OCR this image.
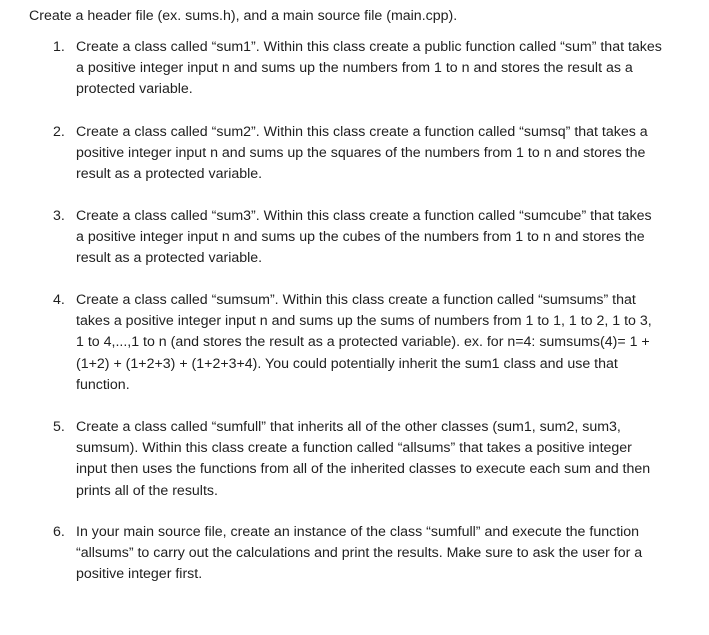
Create a header file (ex. sums.h), and a main source file (main.cpp).
1. Create a class called “sum1”. Within this class create a public function called “sum” that takes a positive integer input n and sums up the numbers from 1 to n and stores the result as a protected variable.
2. Create a class called “sum2”. Within this class create a function called “sumsq” that takes a positive integer input n and sums up the squares of the numbers from 1 to n and stores the result as a protected variable.
3. Create a class called “sum3”. Within this class create a function called “sumcube” that takes a positive integer input n and sums up the cubes of the numbers from 1 to n and stores the result as a protected variable.
4. Create a class called “sumsum”. Within this class create a function called “sumsums” that takes a positive integer input n and sums up the sums of numbers from 1 to 1, 1 to 2, 1 to 3, 1 to 4,...,1 to n (and stores the result as a protected variable). ex. for n=4: sumsums(4)= 1 + (1+2) + (1+2+3) + (1+2+3+4). You could potentially inherit the sum1 class and use that function.
5. Create a class called “sumfull” that inherits all of the other classes (sum1, sum2, sum3, sumsum). Within this class create a function called “allsums” that takes a positive integer input then uses the functions from all of the inherited classes to execute each sum and then prints all of the results.
6. In your main source file, create an instance of the class “sumfull” and execute the function “allsums” to carry out the calculations and print the results. Make sure to ask the user for a positive integer first.
